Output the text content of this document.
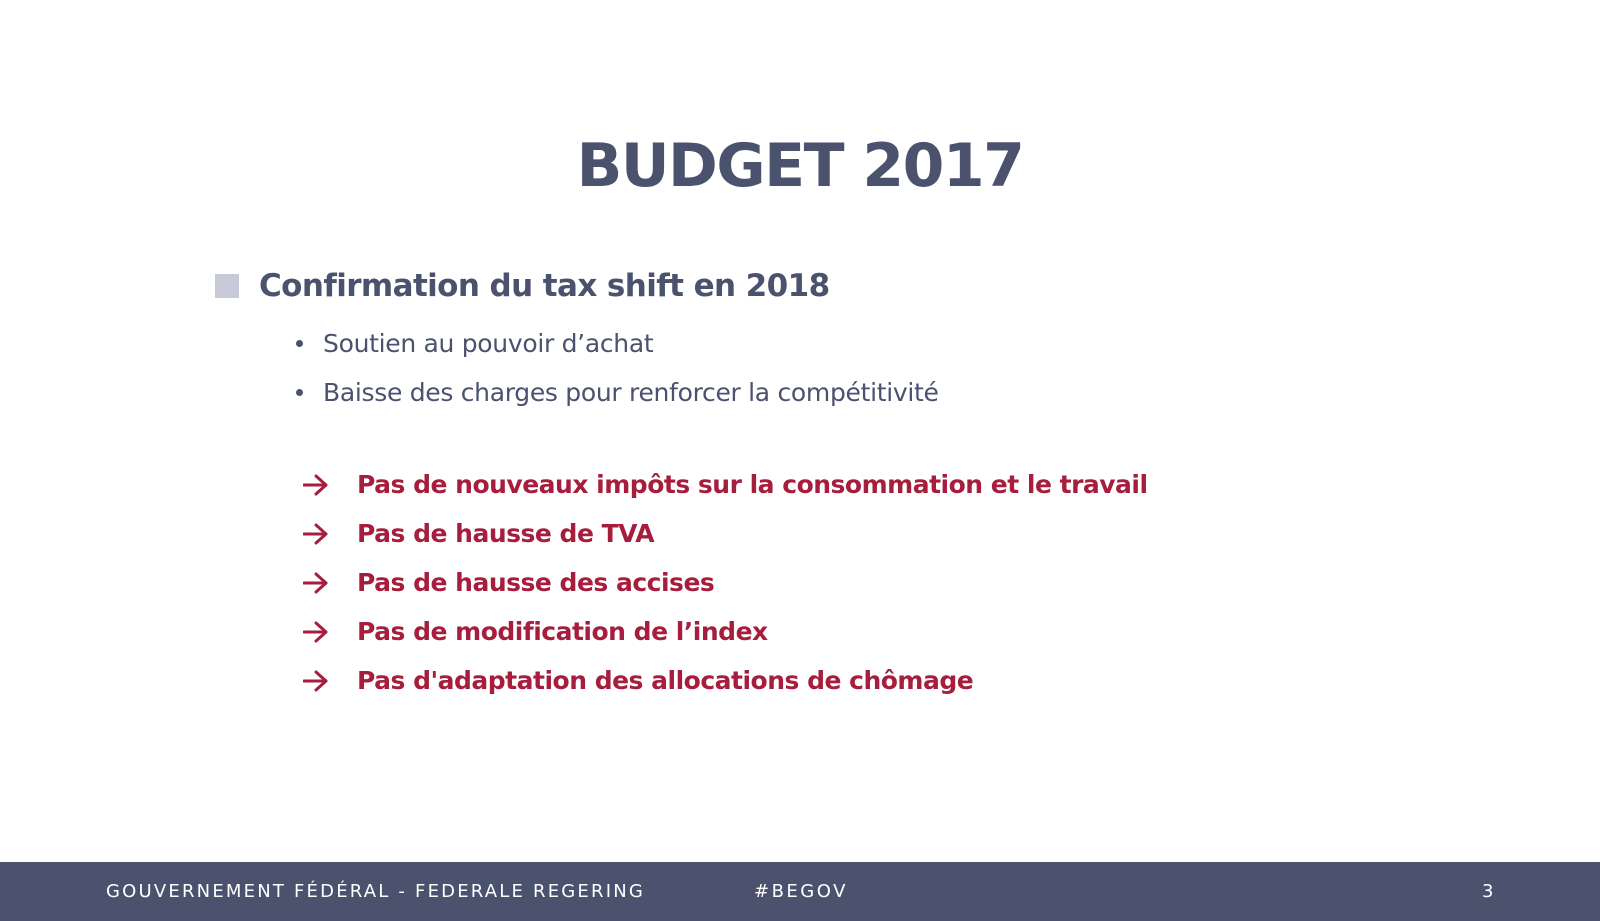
BUDGET 2017
Confirmation du tax shift en 2018
Soutien au pouvoir d’achat
Baisse des charges pour renforcer la compétitivité
Pas de nouveaux impôts sur la consommation et le travail
Pas de hausse de TVA
Pas de hausse des accises
Pas de modification de l’index
Pas d'adaptation des allocations de chômage
GOUVERNEMENT FÉDÉRAL - FEDERALE REGERING	#BEGOV	3
